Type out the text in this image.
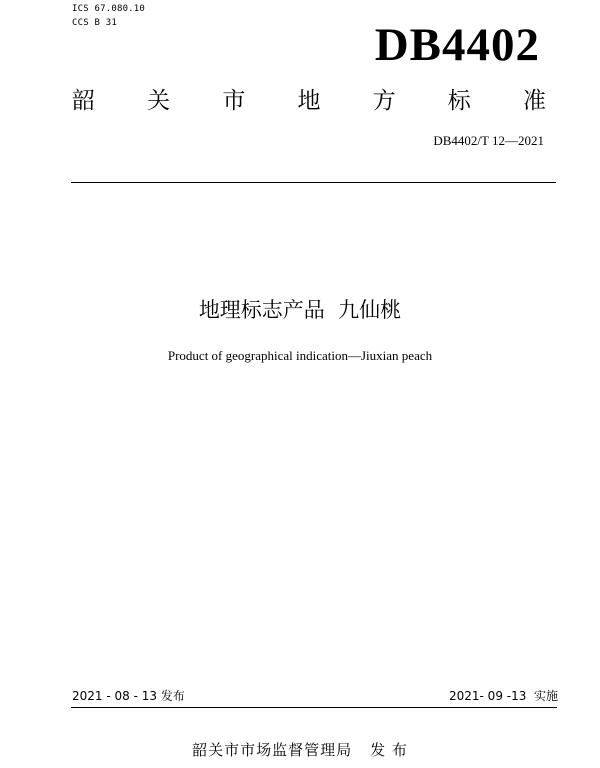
ICS 67.080.10
CCS B 31	DB4402
韶 关 市 地 方 标 准
DB4402/T 12—2021
地理标志产品  九仙桃
Product of geographical indication—Jiuxian peach
2021 - 08 - 13 发布	2021- 09 -13  实施
韶关市市场监督管理局 发 布
